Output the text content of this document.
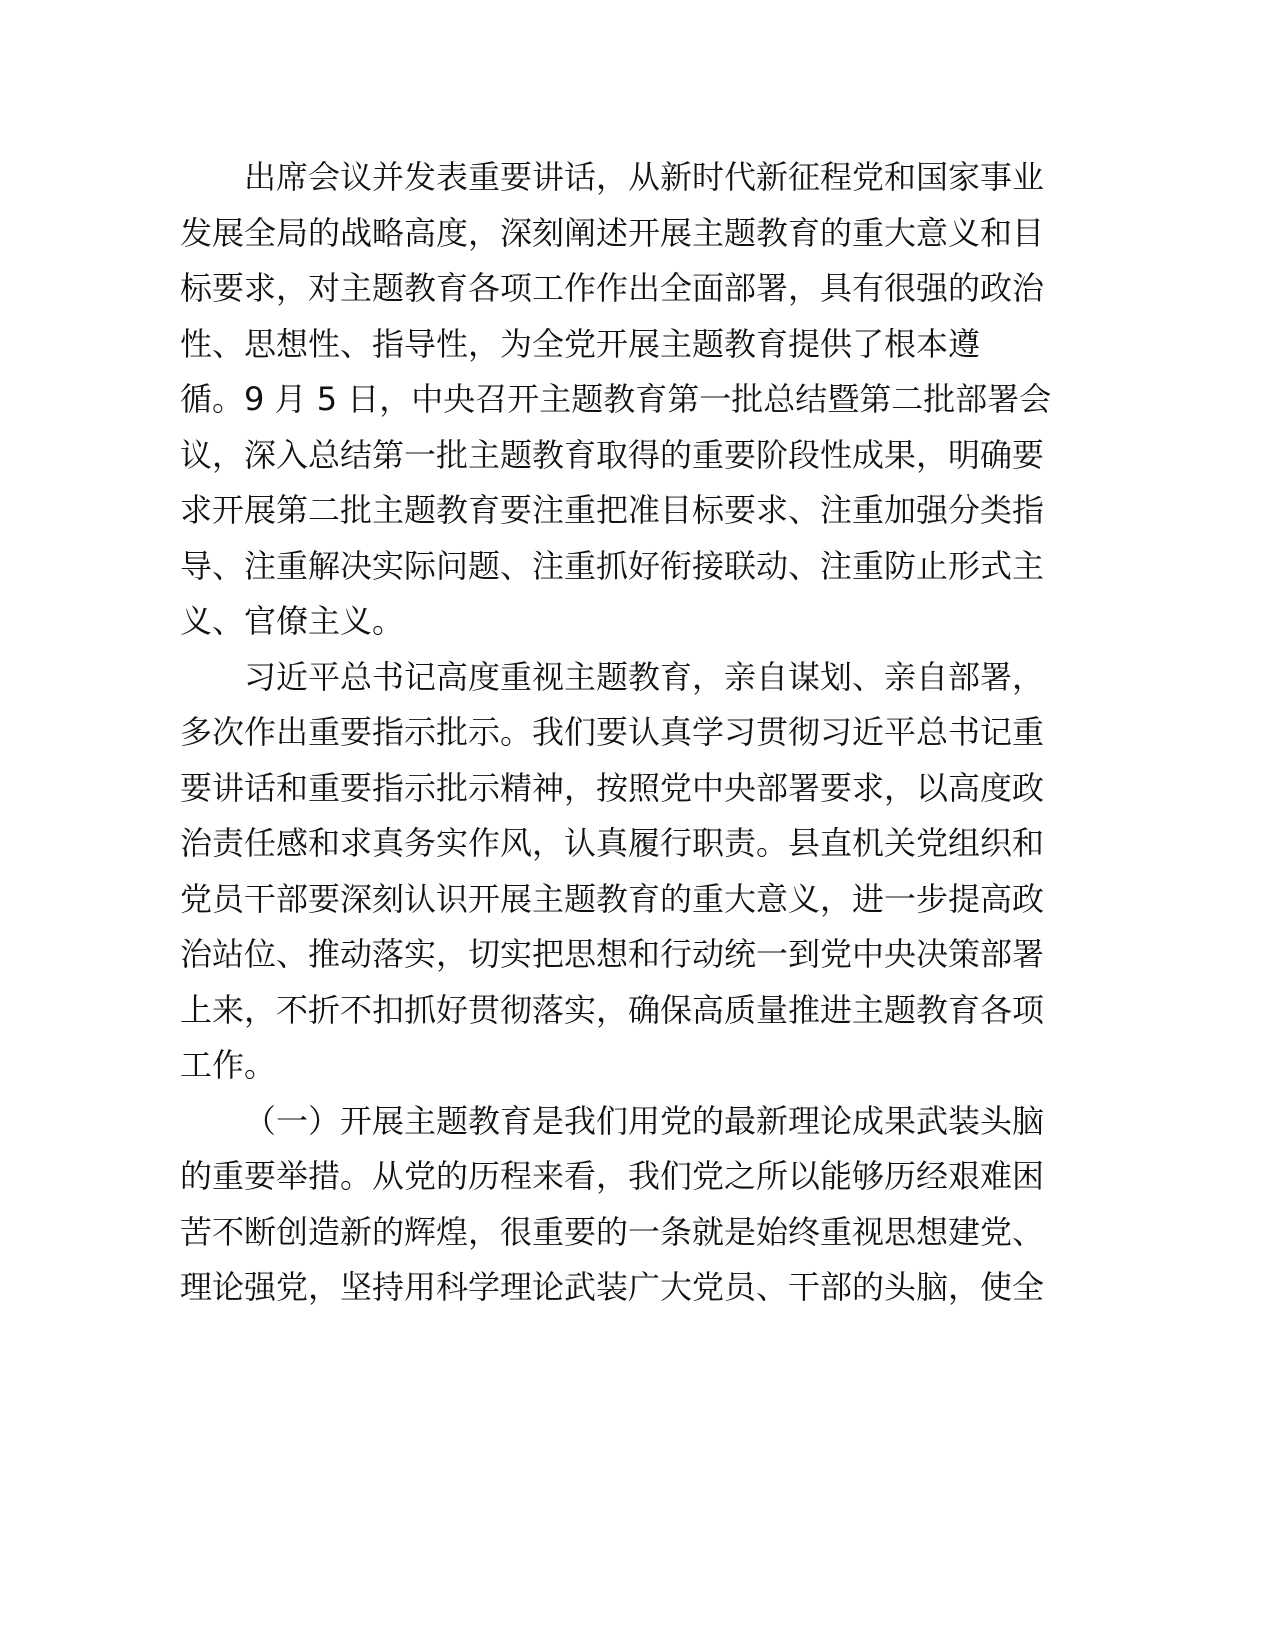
出席会议并发表重要讲话，从新时代新征程党和国家事业
发展全局的战略高度，深刻阐述开展主题教育的重大意义和目
标要求，对主题教育各项工作作出全面部署，具有很强的政治
性、思想性、指导性，为全党开展主题教育提供了根本遵
循。9 月 5 日，中央召开主题教育第一批总结暨第二批部署会
议，深入总结第一批主题教育取得的重要阶段性成果，明确要
求开展第二批主题教育要注重把准目标要求、注重加强分类指
导、注重解决实际问题、注重抓好衔接联动、注重防止形式主
义、官僚主义。
习近平总书记高度重视主题教育，亲自谋划、亲自部署，
多次作出重要指示批示。我们要认真学习贯彻习近平总书记重
要讲话和重要指示批示精神，按照党中央部署要求，以高度政
治责任感和求真务实作风，认真履行职责。县直机关党组织和
党员干部要深刻认识开展主题教育的重大意义，进一步提高政
治站位、推动落实，切实把思想和行动统一到党中央决策部署
上来，不折不扣抓好贯彻落实，确保高质量推进主题教育各项
工作。
（一）开展主题教育是我们用党的最新理论成果武装头脑
的重要举措。从党的历程来看，我们党之所以能够历经艰难困
苦不断创造新的辉煌，很重要的一条就是始终重视思想建党、
理论强党，坚持用科学理论武装广大党员、干部的头脑，使全
